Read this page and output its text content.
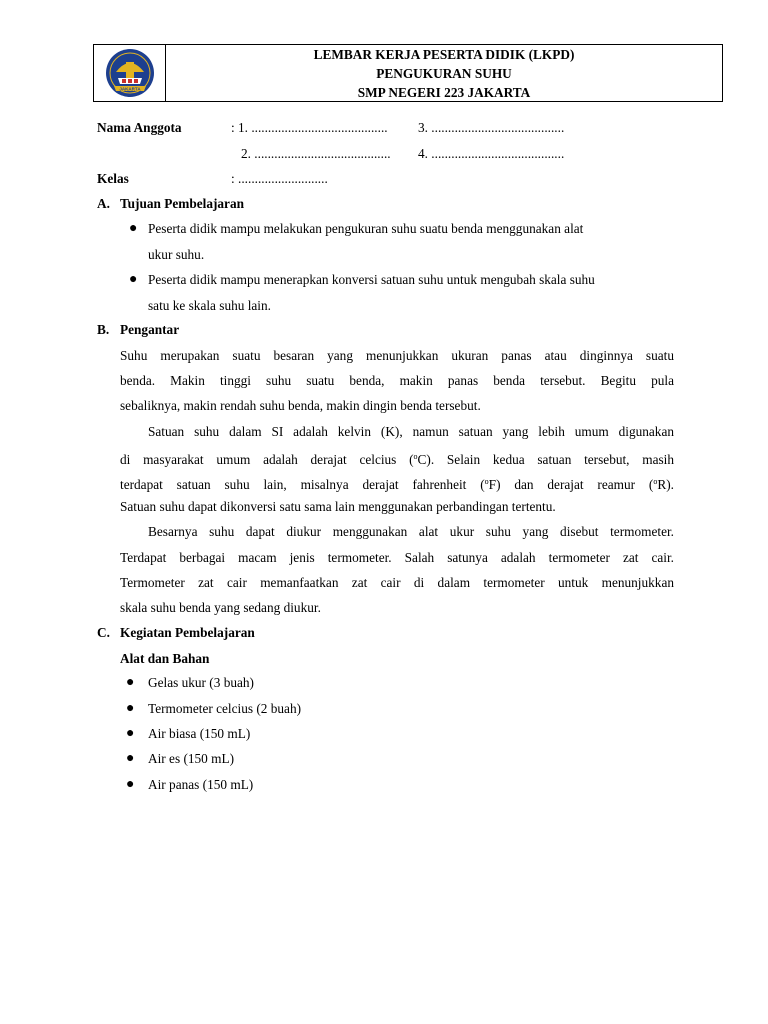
JAKARTA
LEMBAR KERJA PESERTA DIDIK (LKPD)
PENGUKURAN SUHU
SMP NEGERI 223 JAKARTA
Nama Anggota	: 1. ......................................... 3. ........................................
2. ......................................... 4. ........................................
Kelas	: ...........................
A. Tujuan Pembelajaran
● Peserta didik mampu melakukan pengukuran suhu suatu benda menggunakan alat
ukur suhu.
● Peserta didik mampu menerapkan konversi satuan suhu untuk mengubah skala suhu
satu ke skala suhu lain.
B. Pengantar
Suhu merupakan suatu besaran yang menunjukkan ukuran panas atau dinginnya suatu
benda. Makin tinggi suhu suatu benda, makin panas benda tersebut. Begitu pula
sebaliknya, makin rendah suhu benda, makin dingin benda tersebut.
Satuan suhu dalam SI adalah kelvin (K), namun satuan yang lebih umum digunakan
di masyarakat umum adalah derajat celcius ($^o$C). Selain kedua satuan tersebut, masih
terdapat satuan suhu lain, misalnya derajat fahrenheit ($^o$F) dan derajat reamur ($^o$R).
Satuan suhu dapat dikonversi satu sama lain menggunakan perbandingan tertentu.
Besarnya suhu dapat diukur menggunakan alat ukur suhu yang disebut termometer.
Terdapat berbagai macam jenis termometer. Salah satunya adalah termometer zat cair.
Termometer zat cair memanfaatkan zat cair di dalam termometer untuk menunjukkan
skala suhu benda yang sedang diukur.
C. Kegiatan Pembelajaran
Alat dan Bahan
● Gelas ukur (3 buah)
● Termometer celcius (2 buah)
● Air biasa (150 mL)
● Air es (150 mL)
● Air panas (150 mL)
